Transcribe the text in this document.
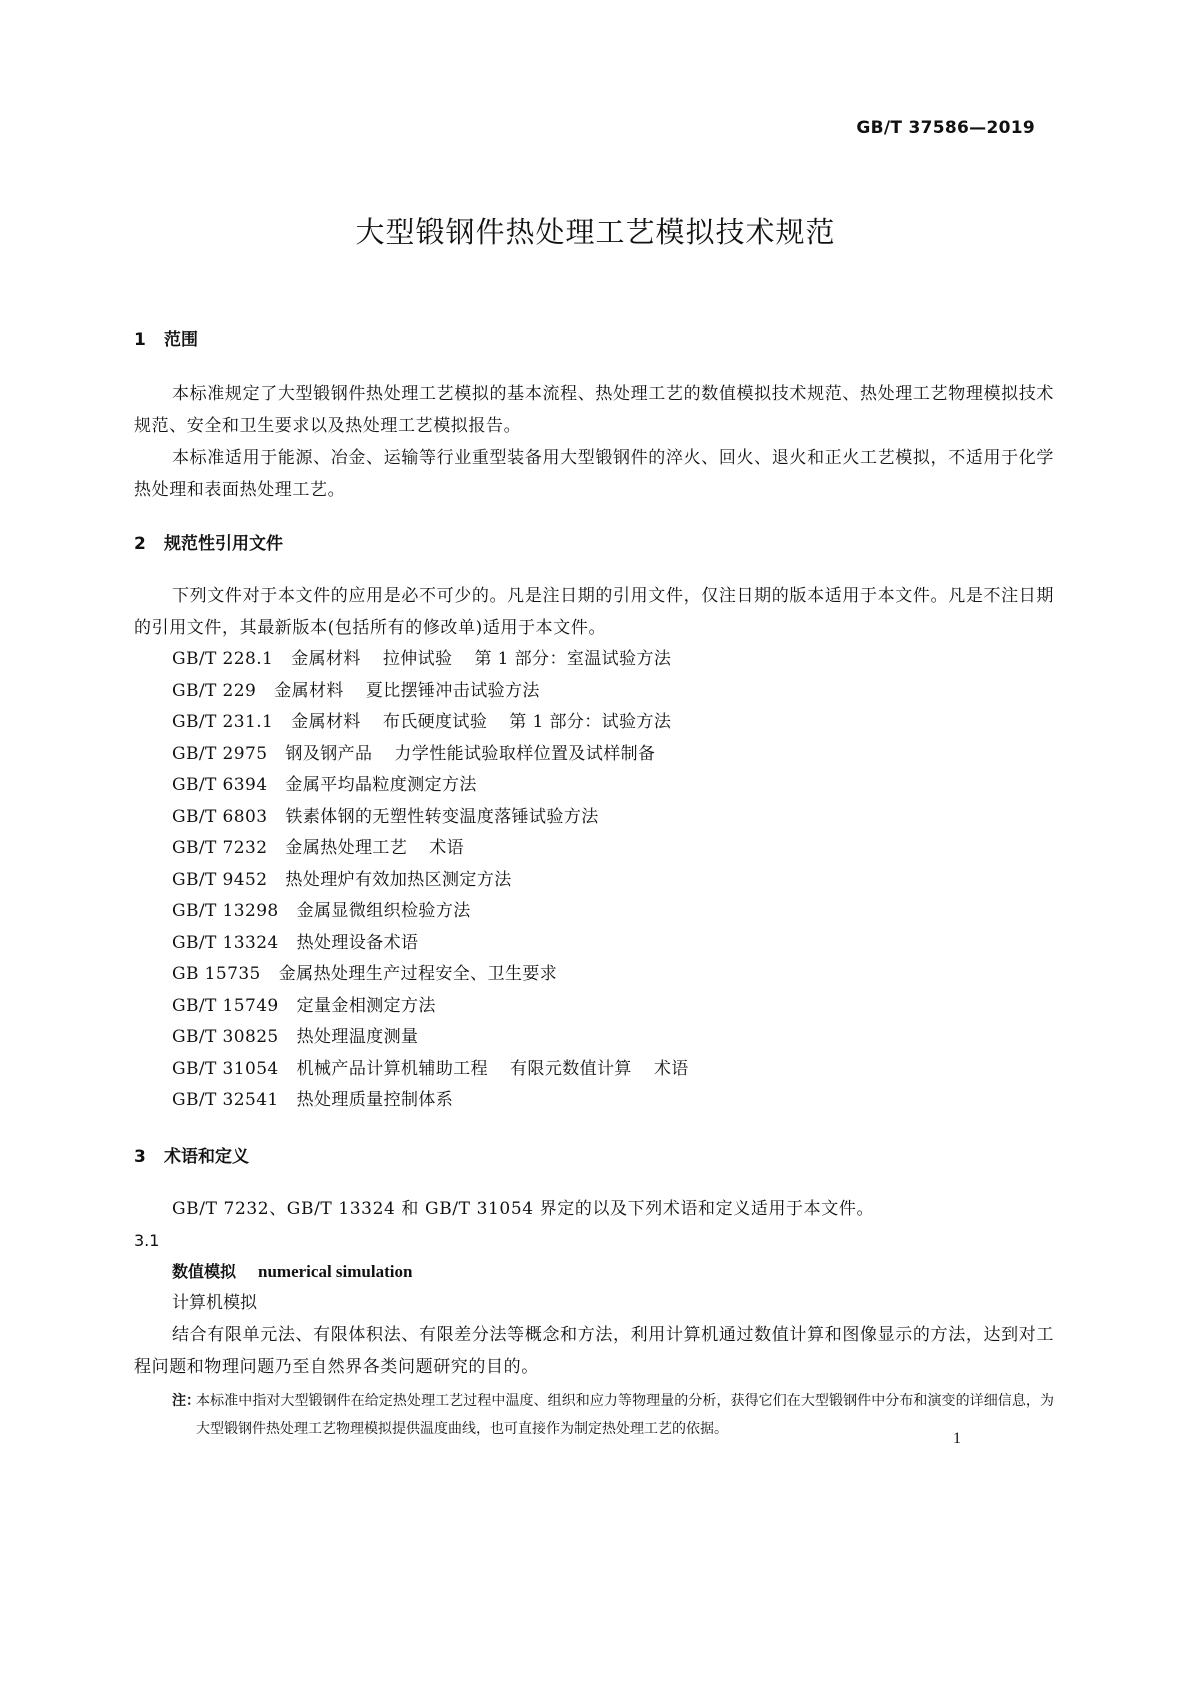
GB/T 37586—2019
大型锻钢件热处理工艺模拟技术规范
1 范围

本标准规定了大型锻钢件热处理工艺模拟的基本流程、热处理工艺的数值模拟技术规范、热处理工艺物理模拟技术规范、安全和卫生要求以及热处理工艺模拟报告。

本标准适用于能源、冶金、运输等行业重型装备用大型锻钢件的淬火、回火、退火和正火工艺模拟，不适用于化学热处理和表面热处理工艺。

2 规范性引用文件

下列文件对于本文件的应用是必不可少的。凡是注日期的引用文件，仅注日期的版本适用于本文件。凡是不注日期的引用文件，其最新版本(包括所有的修改单)适用于本文件。

GB/T 228.1 金属材料 拉伸试验 第 1 部分：室温试验方法
GB/T 229 金属材料 夏比摆锤冲击试验方法
GB/T 231.1 金属材料 布氏硬度试验 第 1 部分：试验方法
GB/T 2975 钢及钢产品 力学性能试验取样位置及试样制备
GB/T 6394 金属平均晶粒度测定方法
GB/T 6803 铁素体钢的无塑性转变温度落锤试验方法
GB/T 7232 金属热处理工艺 术语
GB/T 9452 热处理炉有效加热区测定方法
GB/T 13298 金属显微组织检验方法
GB/T 13324 热处理设备术语
GB 15735 金属热处理生产过程安全、卫生要求
GB/T 15749 定量金相测定方法
GB/T 30825 热处理温度测量
GB/T 31054 机械产品计算机辅助工程 有限元数值计算 术语
GB/T 32541 热处理质量控制体系
3 术语和定义

GB/T 7232、GB/T 13324 和 GB/T 31054 界定的以及下列术语和定义适用于本文件。

3.1
数值模拟 numerical simulation
计算机模拟

结合有限单元法、有限体积法、有限差分法等概念和方法，利用计算机通过数值计算和图像显示的方法，达到对工程问题和物理问题乃至自然界各类问题研究的目的。

注：
本标准中指对大型锻钢件在给定热处理工艺过程中温度、组织和应力等物理量的分析，获得它们在大型锻钢件中分布和演变的详细信息，为大型锻钢件热处理工艺物理模拟提供温度曲线，也可直接作为制定热处理工艺的依据。
1
